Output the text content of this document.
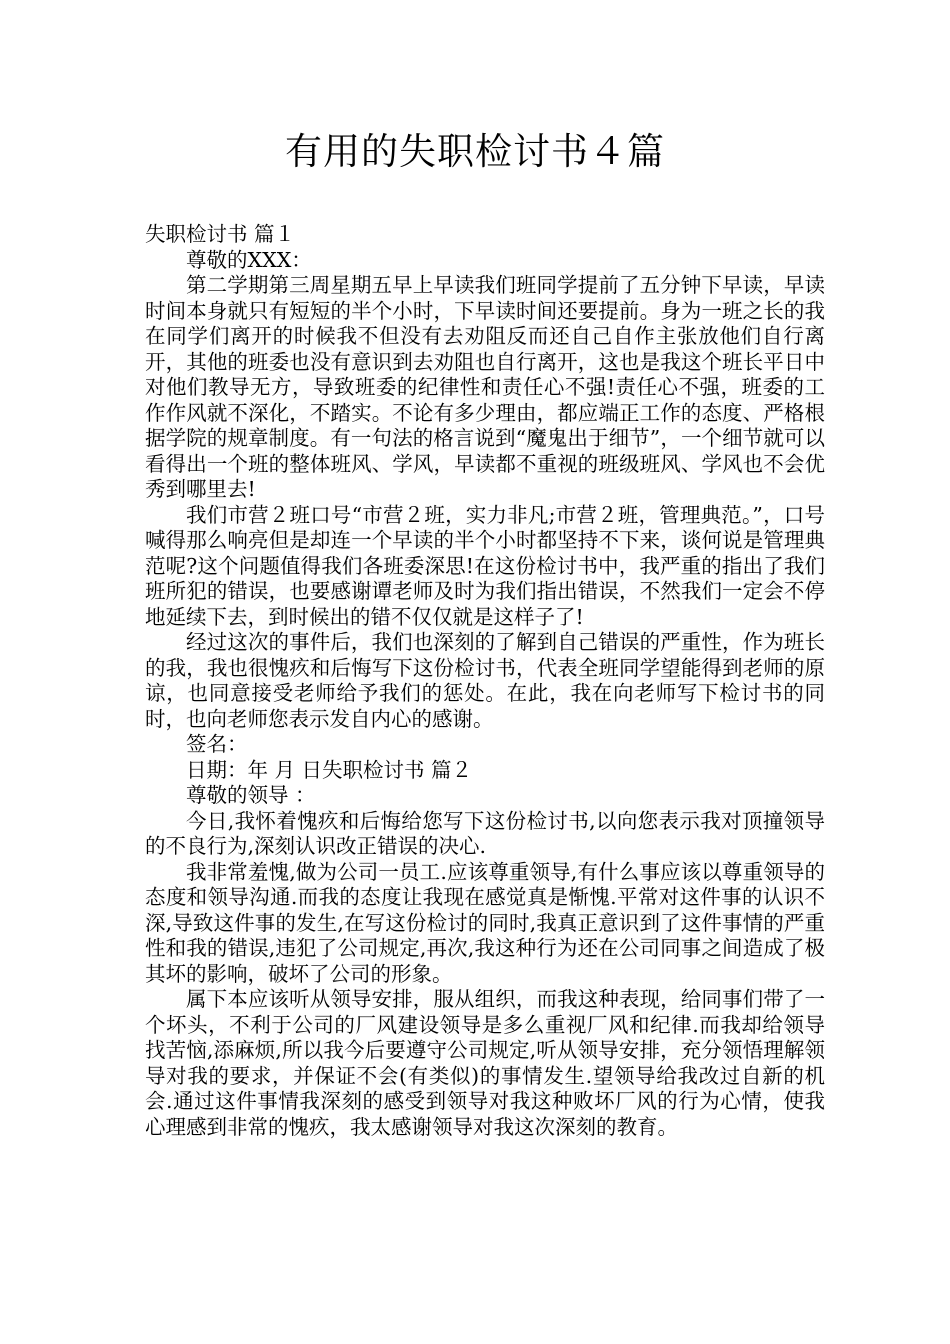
有用的失职检讨书４篇

失职检讨书 篇１

尊敬的XXX：

第二学期第三周星期五早上早读我们班同学提前了五分钟下早读，早读时间本身就只有短短的半个小时，下早读时间还要提前。身为一班之长的我在同学们离开的时候我不但没有去劝阻反而还自己自作主张放他们自行离开，其他的班委也没有意识到去劝阻也自行离开，这也是我这个班长平日中对他们教导无方，导致班委的纪律性和责任心不强!责任心不强，班委的工作作风就不深化，不踏实。不论有多少理由，都应端正工作的态度、严格根据学院的规章制度。有一句法的格言说到“魔鬼出于细节”，一个细节就可以看得出一个班的整体班风、学风，早读都不重视的班级班风、学风也不会优秀到哪里去!

我们市营２班口号“市营２班，实力非凡;市营２班，管理典范。”，口号喊得那么响亮但是却连一个早读的半个小时都坚持不下来，谈何说是管理典范呢?这个问题值得我们各班委深思!在这份检讨书中，我严重的指出了我们班所犯的错误，也要感谢谭老师及时为我们指出错误，不然我们一定会不停地延续下去，到时候出的错不仅仅就是这样子了!

经过这次的事件后，我们也深刻的了解到自己错误的严重性，作为班长的我，我也很愧疚和后悔写下这份检讨书，代表全班同学望能得到老师的原谅，也同意接受老师给予我们的惩处。在此，我在向老师写下检讨书的同时，也向老师您表示发自内心的感谢。

签名：

日期：年 月 日失职检讨书 篇２

尊敬的领导 ：

今日,我怀着愧疚和后悔给您写下这份检讨书,以向您表示我对顶撞领导的不良行为,深刻认识改正错误的决心.

我非常羞愧,做为公司一员工.应该尊重领导,有什么事应该以尊重领导的态度和领导沟通.而我的态度让我现在感觉真是惭愧.平常对这件事的认识不深,导致这件事的发生,在写这份检讨的同时,我真正意识到了这件事情的严重性和我的错误,违犯了公司规定,再次,我这种行为还在公司同事之间造成了极其坏的影响，破坏了公司的形象。

属下本应该听从领导安排，服从组织，而我这种表现，给同事们带了一个坏头，不利于公司的厂风建设领导是多么重视厂风和纪律.而我却给领导找苦恼,添麻烦,所以我今后要遵守公司规定,听从领导安排，充分领悟理解领导对我的要求，并保证不会(有类似)的事情发生.望领导给我改过自新的机会.通过这件事情我深刻的感受到领导对我这种败坏厂风的行为心情，使我心理感到非常的愧疚，我太感谢领导对我这次深刻的教育。
